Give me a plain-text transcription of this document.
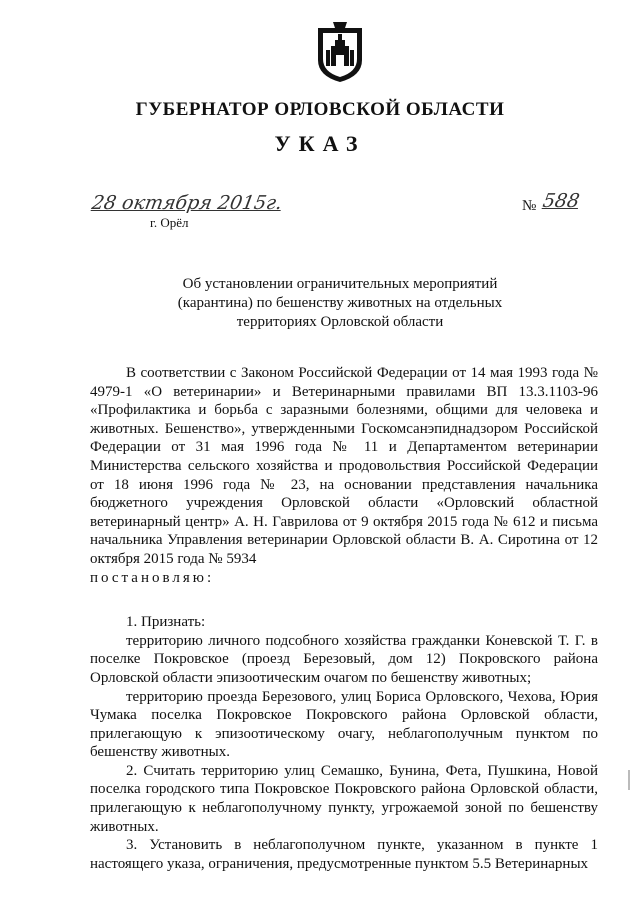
ГУБЕРНАТОР ОРЛОВСКОЙ ОБЛАСТИ
УКАЗ
28 октября 2015г.
г. Орёл
№ 588
Об установлении ограничительных мероприятий
(карантина) по бешенству животных на отдельных
территориях Орловской области

В соответствии с Законом Российской Федерации от 14 мая 1993 года № 4979-1 «О ветеринарии» и Ветеринарными правилами ВП 13.3.1103-96 «Профилактика и борьба с заразными болезнями, общими для человека и животных. Бешенство», утвержденными Госкомсанэпиднадзором Российской Федерации от 31 мая 1996 года № 11 и Департаментом ветеринарии Министерства сельского хозяйства и продовольствия Российской Федерации от 18 июня 1996 года № 23, на основании представления начальника бюджетного учреждения Орловской области «Орловский областной ветеринарный центр» А. Н. Гаврилова от 9 октября 2015 года № 612 и письма начальника Управления ветеринарии Орловской области В. А. Сиротина от 12 октября 2015 года № 5934

постановляю:

1. Признать:

территорию личного подсобного хозяйства гражданки Коневской Т. Г. в поселке Покровское (проезд Березовый, дом 12) Покровского района Орловской области эпизоотическим очагом по бешенству животных;

территорию проезда Березового, улиц Бориса Орловского, Чехова, Юрия Чумака поселка Покровское Покровского района Орловской области, прилегающую к эпизоотическому очагу, неблагополучным пунктом по бешенству животных.

2. Считать территорию улиц Семашко, Бунина, Фета, Пушкина, Новой поселка городского типа Покровское Покровского района Орловской области, прилегающую к неблагополучному пункту, угрожаемой зоной по бешенству животных.

3. Установить в неблагополучном пункте, указанном в пункте 1 настоящего указа, ограничения, предусмотренные пунктом 5.5 Ветеринарных
